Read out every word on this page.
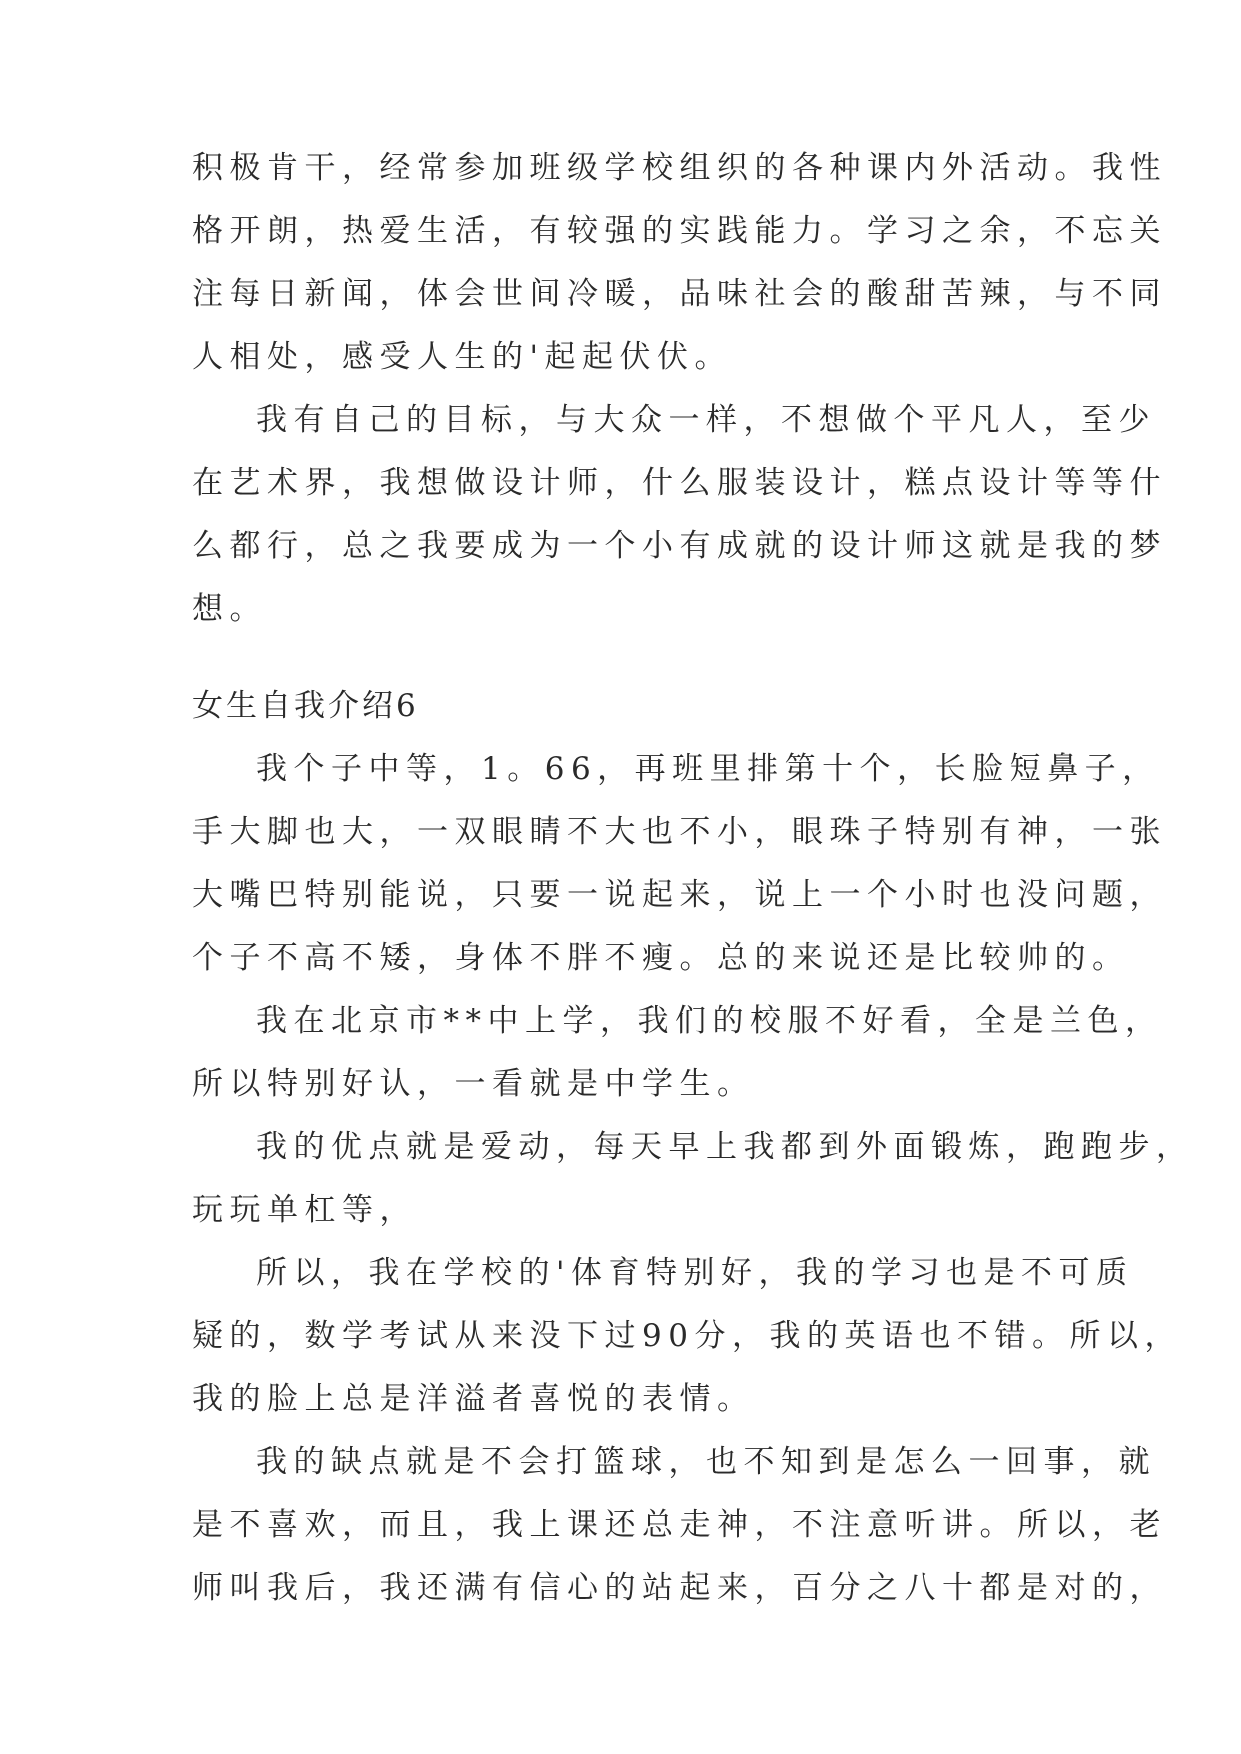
积极肯干，经常参加班级学校组织的各种课内外活动。我性

格开朗，热爱生活，有较强的实践能力。学习之余，不忘关

注每日新闻，体会世间冷暖，品味社会的酸甜苦辣，与不同

人相处，感受人生的'起起伏伏。

我有自己的目标，与大众一样，不想做个平凡人，至少

在艺术界，我想做设计师，什么服装设计，糕点设计等等什

么都行，总之我要成为一个小有成就的设计师这就是我的梦

想。

女生自我介绍6

我个子中等，1。66，再班里排第十个，长脸短鼻子，

手大脚也大，一双眼睛不大也不小，眼珠子特别有神，一张

大嘴巴特别能说，只要一说起来，说上一个小时也没问题，

个子不高不矮，身体不胖不瘦。总的来说还是比较帅的。

我在北京市**中上学，我们的校服不好看，全是兰色，

所以特别好认，一看就是中学生。

我的优点就是爱动，每天早上我都到外面锻炼，跑跑步，

玩玩单杠等，

所以，我在学校的'体育特别好，我的学习也是不可质

疑的，数学考试从来没下过90分，我的英语也不错。所以，

我的脸上总是洋溢者喜悦的表情。

我的缺点就是不会打篮球，也不知到是怎么一回事，就

是不喜欢，而且，我上课还总走神，不注意听讲。所以，老

师叫我后，我还满有信心的站起来，百分之八十都是对的，
